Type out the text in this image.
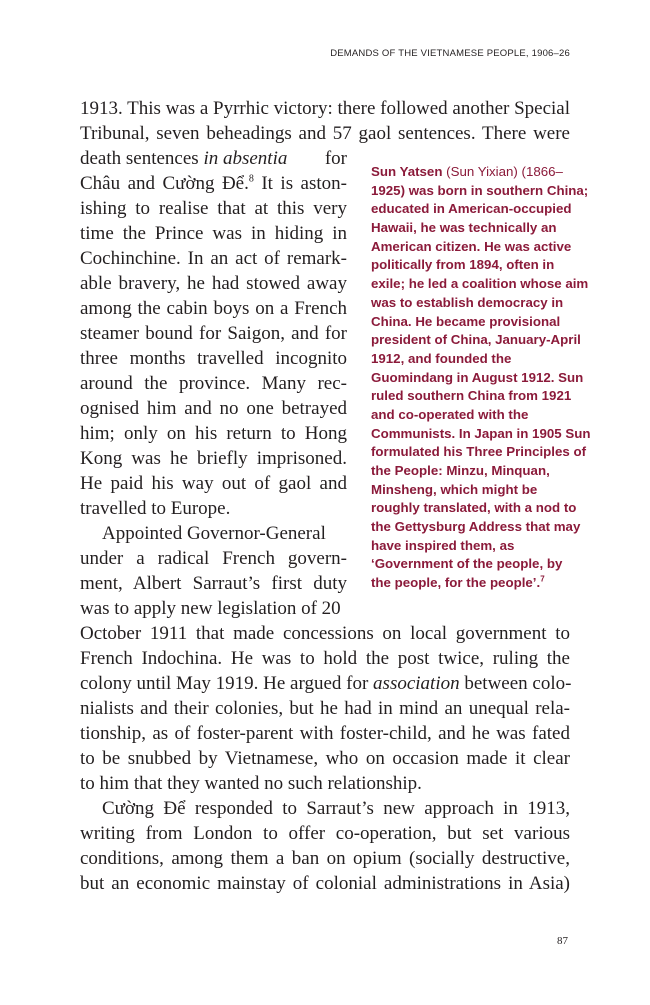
DEMANDS OF THE VIETNAMESE PEOPLE, 1906–26
1913. This was a Pyrrhic victory: there followed another Special
Tribunal, seven beheadings and 57 gaol sentences. There were
death sentences in absentia for
Châu and Cường Để.$^8$ It is aston-
ishing to realise that at this very
time the Prince was in hiding in
Cochinchine. In an act of remark-
able bravery, he had stowed away
among the cabin boys on a French
steamer bound for Saigon, and for
three months travelled incognito
around the province. Many rec-
ognised him and no one betrayed
him; only on his return to Hong
Kong was he briefly imprisoned.
He paid his way out of gaol and
travelled to Europe.
Appointed Governor-General
under a radical French govern-
ment, Albert Sarraut’s first duty
was to apply new legislation of 20
October 1911 that made concessions on local government to
French Indochina. He was to hold the post twice, ruling the
colony until May 1919. He argued for association between colo-
nialists and their colonies, but he had in mind an unequal rela-
tionship, as of foster-parent with foster-child, and he was fated
to be snubbed by Vietnamese, who on occasion made it clear
to him that they wanted no such relationship.
Cường Để responded to Sarraut’s new approach in 1913,
writing from London to offer co-operation, but set various
conditions, among them a ban on opium (socially destructive,
but an economic mainstay of colonial administrations in Asia)
Sun Yatsen (Sun Yixian) (1866–
1925) was born in southern China;
educated in American-occupied
Hawaii, he was technically an
American citizen. He was active
politically from 1894, often in
exile; he led a coalition whose aim
was to establish democracy in
China. He became provisional
president of China, January-April
1912, and founded the
Guomindang in August 1912. Sun
ruled southern China from 1921
and co-operated with the
Communists. In Japan in 1905 Sun
formulated his Three Principles of
the People: Minzu, Minquan,
Minsheng, which might be
roughly translated, with a nod to
the Gettysburg Address that may
have inspired them, as
‘Government of the people, by
the people, for the people’.$^7$
87
